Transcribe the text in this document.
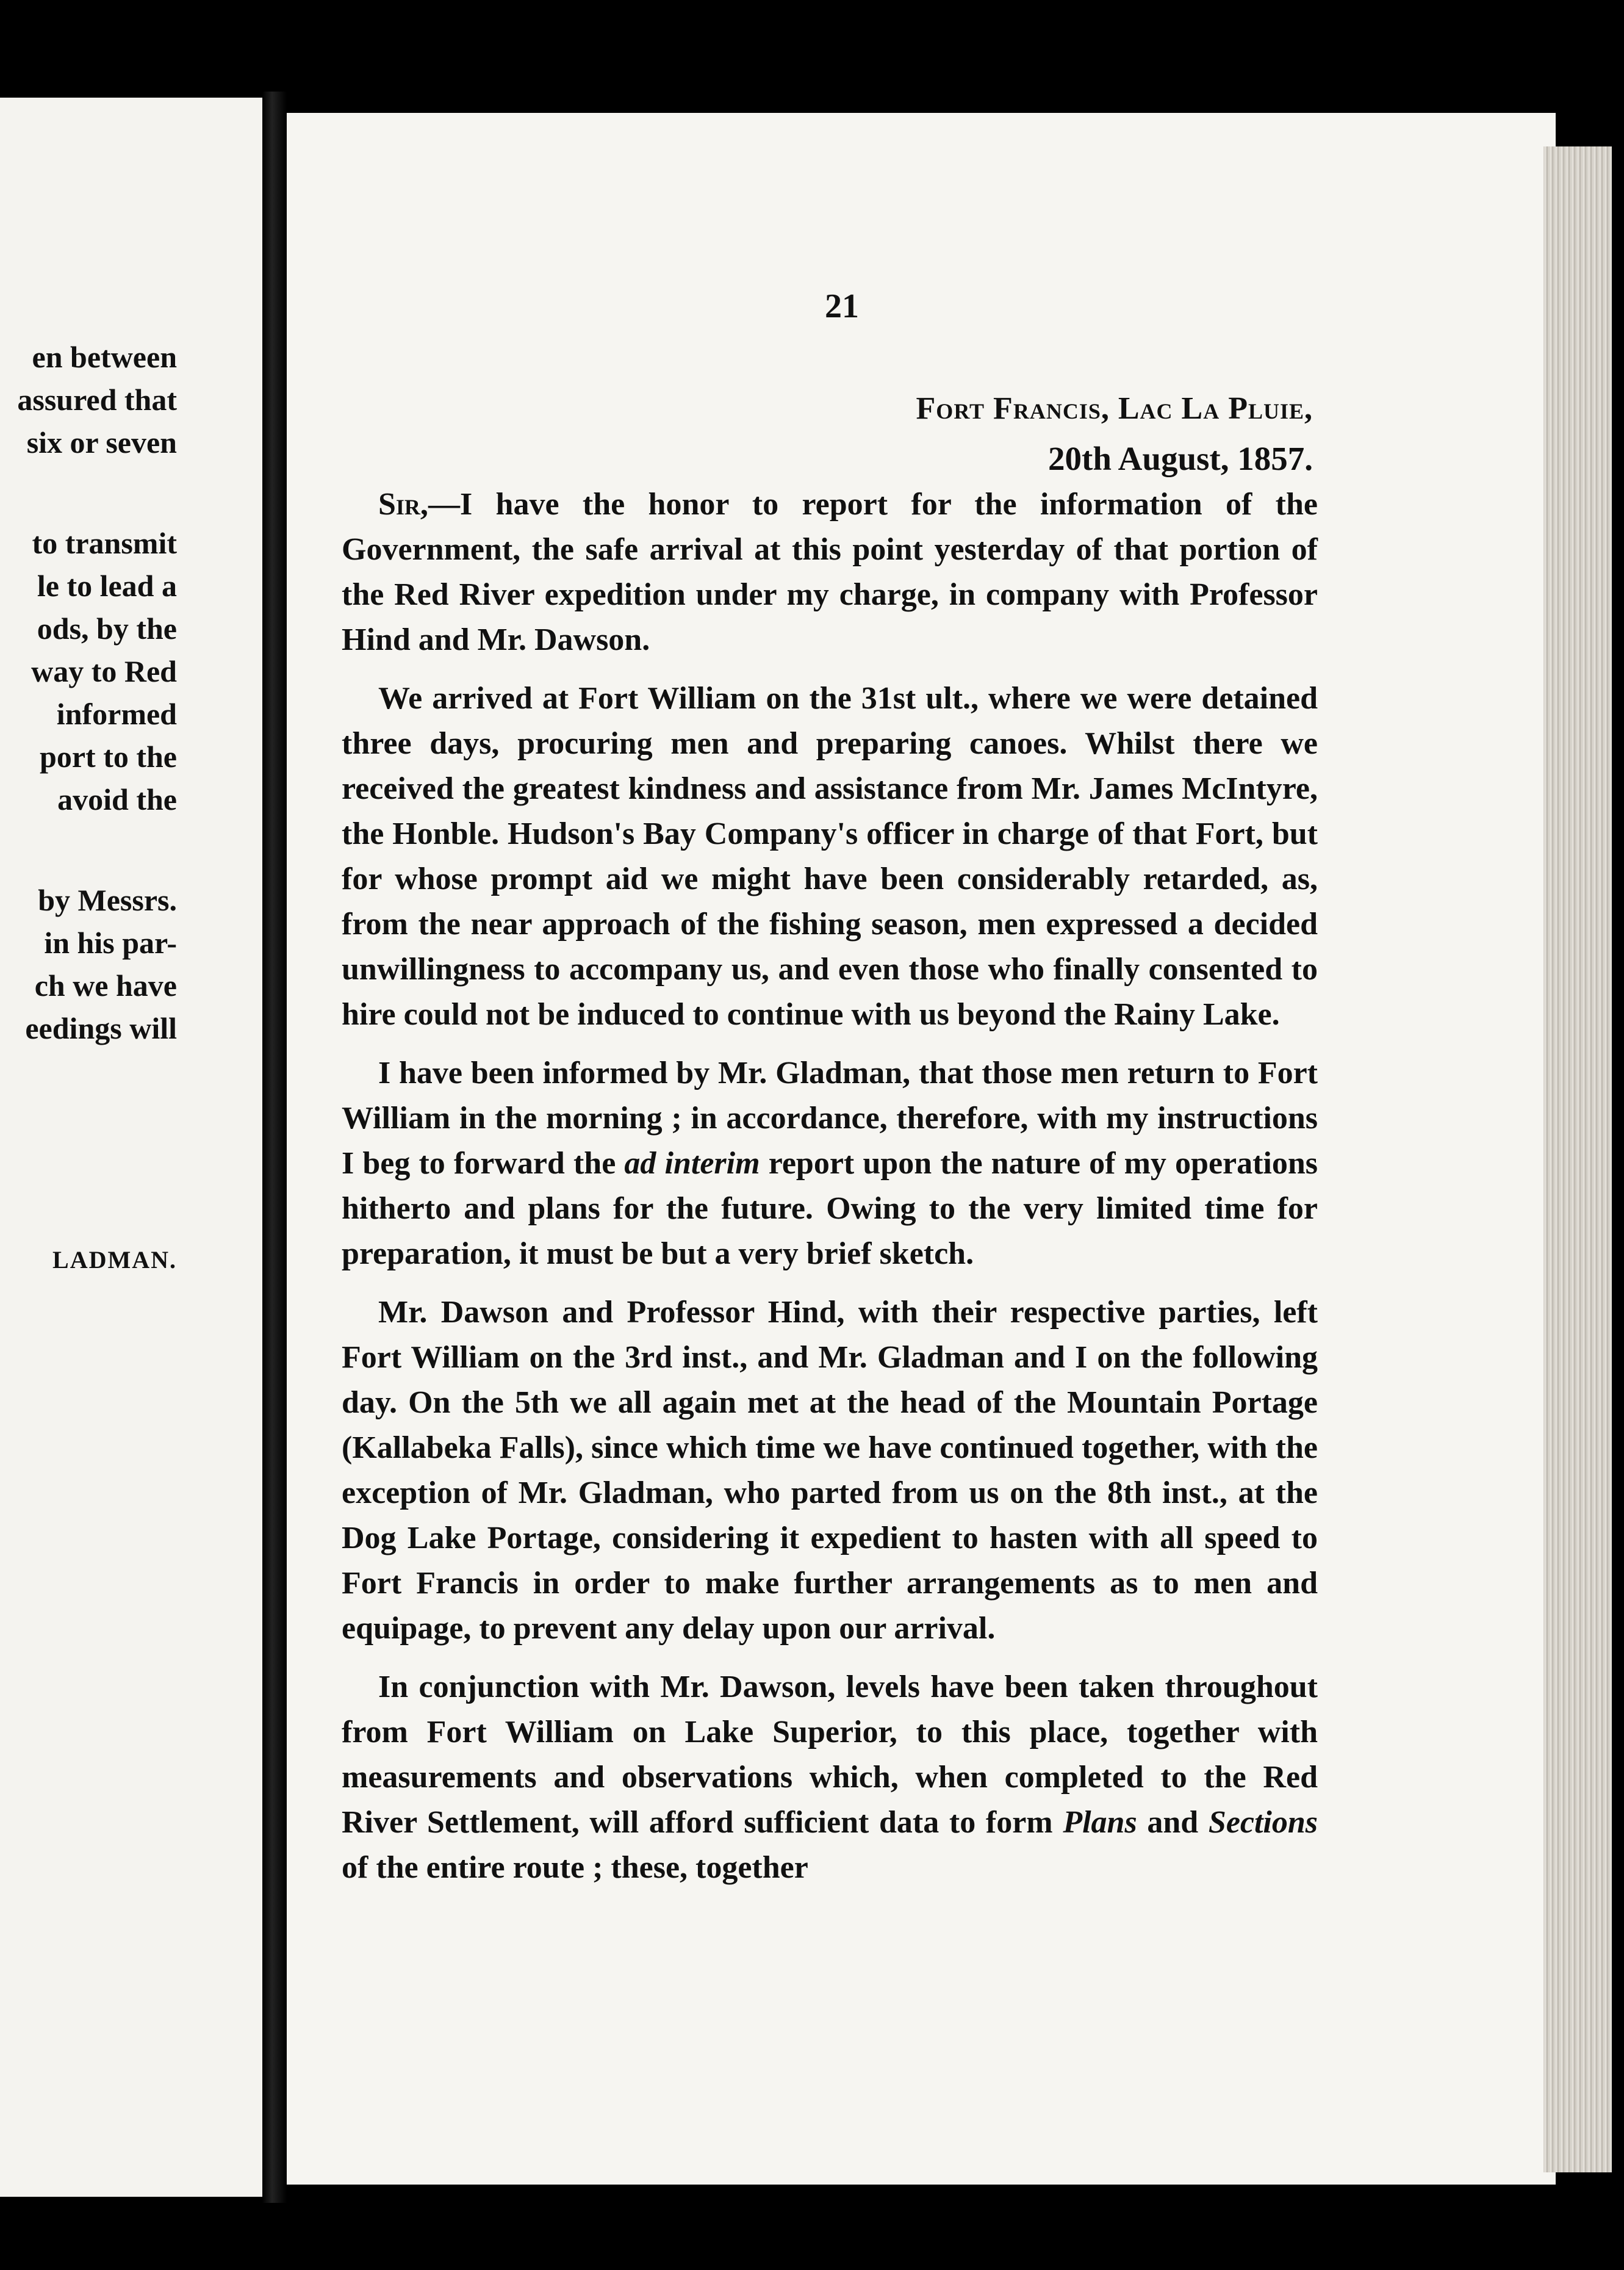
en between
assured that
six or seven
to transmit
le to lead a
ods, by the
way to Red
informed
port to the
avoid the
by Messrs.
in his par-
ch we have
eedings will
LADMAN.
21
Fort Francis, Lac La Pluie,
20th August, 1857.

Sir,—I have the honor to report for the information of the Government, the safe arrival at this point yesterday of that portion of the Red River expedition under my charge, in company with Professor Hind and Mr. Dawson.

We arrived at Fort William on the 31st ult., where we were detained three days, procuring men and preparing canoes. Whilst there we received the greatest kindness and assistance from Mr. James McIntyre, the Honble. Hudson's Bay Company's officer in charge of that Fort, but for whose prompt aid we might have been considerably retarded, as, from the near approach of the fishing season, men expressed a decided unwillingness to accompany us, and even those who finally consented to hire could not be induced to continue with us beyond the Rainy Lake.

I have been informed by Mr. Gladman, that those men return to Fort William in the morning ; in accordance, therefore, with my instructions I beg to forward the ad interim report upon the nature of my operations hitherto and plans for the future. Owing to the very limited time for preparation, it must be but a very brief sketch.

Mr. Dawson and Professor Hind, with their respective parties, left Fort William on the 3rd inst., and Mr. Gladman and I on the following day. On the 5th we all again met at the head of the Mountain Portage (Kallabeka Falls), since which time we have continued together, with the exception of Mr. Gladman, who parted from us on the 8th inst., at the Dog Lake Portage, considering it expedient to hasten with all speed to Fort Francis in order to make further arrangements as to men and equipage, to prevent any delay upon our arrival.

In conjunction with Mr. Dawson, levels have been taken throughout from Fort William on Lake Superior, to this place, together with measurements and observations which, when completed to the Red River Settlement, will afford sufficient data to form Plans and Sections of the entire route ; these, together
